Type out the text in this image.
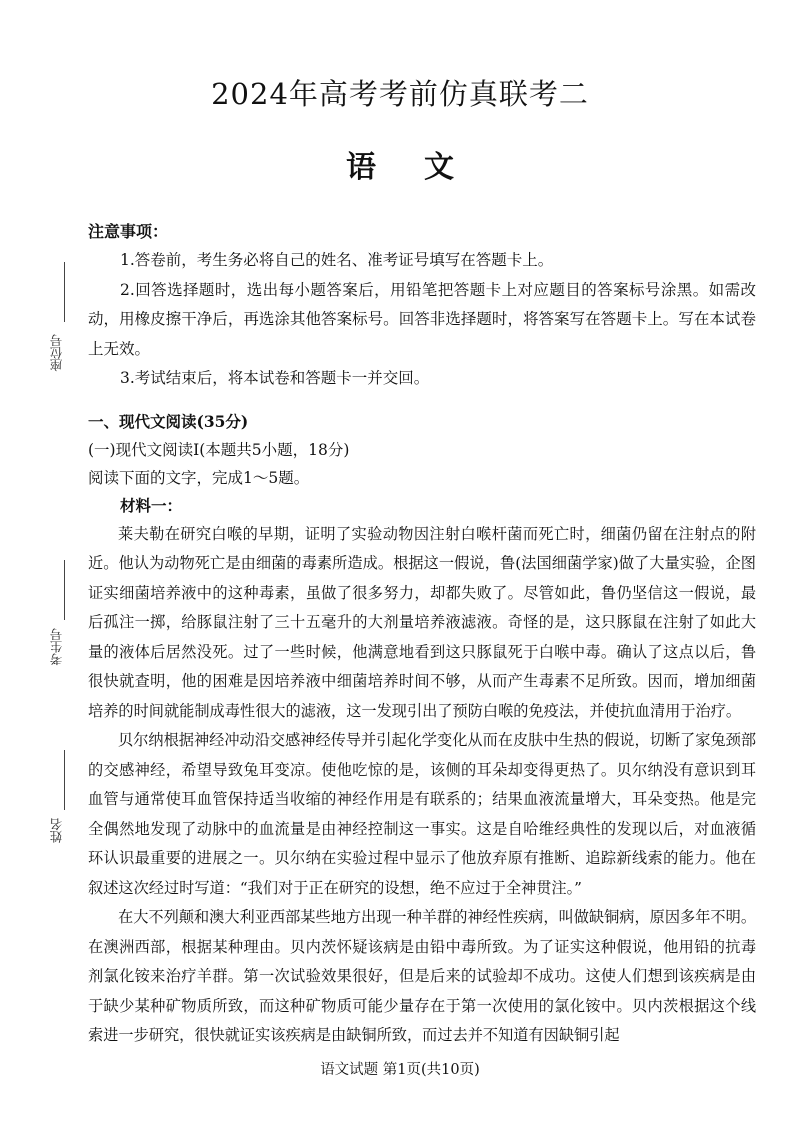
2024年高考考前仿真联考二
语文
座位号
考生号
姓名

注意事项：

1.答卷前，考生务必将自己的姓名、准考证号填写在答题卡上。

2.回答选择题时，选出每小题答案后，用铅笔把答题卡上对应题目的答案标号涂黑。如需改动，用橡皮擦干净后，再选涂其他答案标号。回答非选择题时，将答案写在答题卡上。写在本试卷上无效。

3.考试结束后，将本试卷和答题卡一并交回。

一、现代文阅读(35分)

(一)现代文阅读Ⅰ(本题共5小题，18分)

阅读下面的文字，完成1～5题。

材料一：

莱夫勒在研究白喉的早期，证明了实验动物因注射白喉杆菌而死亡时，细菌仍留在注射点的附近。他认为动物死亡是由细菌的毒素所造成。根据这一假说，鲁(法国细菌学家)做了大量实验，企图证实细菌培养液中的这种毒素，虽做了很多努力，却都失败了。尽管如此，鲁仍坚信这一假说，最后孤注一掷，给豚鼠注射了三十五毫升的大剂量培养液滤液。奇怪的是，这只豚鼠在注射了如此大量的液体后居然没死。过了一些时候，他满意地看到这只豚鼠死于白喉中毒。确认了这点以后，鲁很快就查明，他的困难是因培养液中细菌培养时间不够，从而产生毒素不足所致。因而，增加细菌培养的时间就能制成毒性很大的滤液，这一发现引出了预防白喉的免疫法，并使抗血清用于治疗。

贝尔纳根据神经冲动沿交感神经传导并引起化学变化从而在皮肤中生热的假说，切断了家兔颈部的交感神经，希望导致兔耳变凉。使他吃惊的是，该侧的耳朵却变得更热了。贝尔纳没有意识到耳血管与通常使耳血管保持适当收缩的神经作用是有联系的；结果血液流量增大，耳朵变热。他是完全偶然地发现了动脉中的血流量是由神经控制这一事实。这是自哈维经典性的发现以后，对血液循环认识最重要的进展之一。贝尔纳在实验过程中显示了他放弃原有推断、追踪新线索的能力。他在叙述这次经过时写道：“我们对于正在研究的设想，绝不应过于全神贯注。”

在大不列颠和澳大利亚西部某些地方出现一种羊群的神经性疾病，叫做缺铜病，原因多年不明。在澳洲西部，根据某种理由。贝内茨怀疑该病是由铅中毒所致。为了证实这种假说，他用铅的抗毒剂氯化铵来治疗羊群。第一次试验效果很好，但是后来的试验却不成功。这使人们想到该疾病是由于缺少某种矿物质所致，而这种矿物质可能少量存在于第一次使用的氯化铵中。贝内茨根据这个线索进一步研究，很快就证实该疾病是由缺铜所致，而过去并不知道有因缺铜引起

语文试题 第1页(共10页)
